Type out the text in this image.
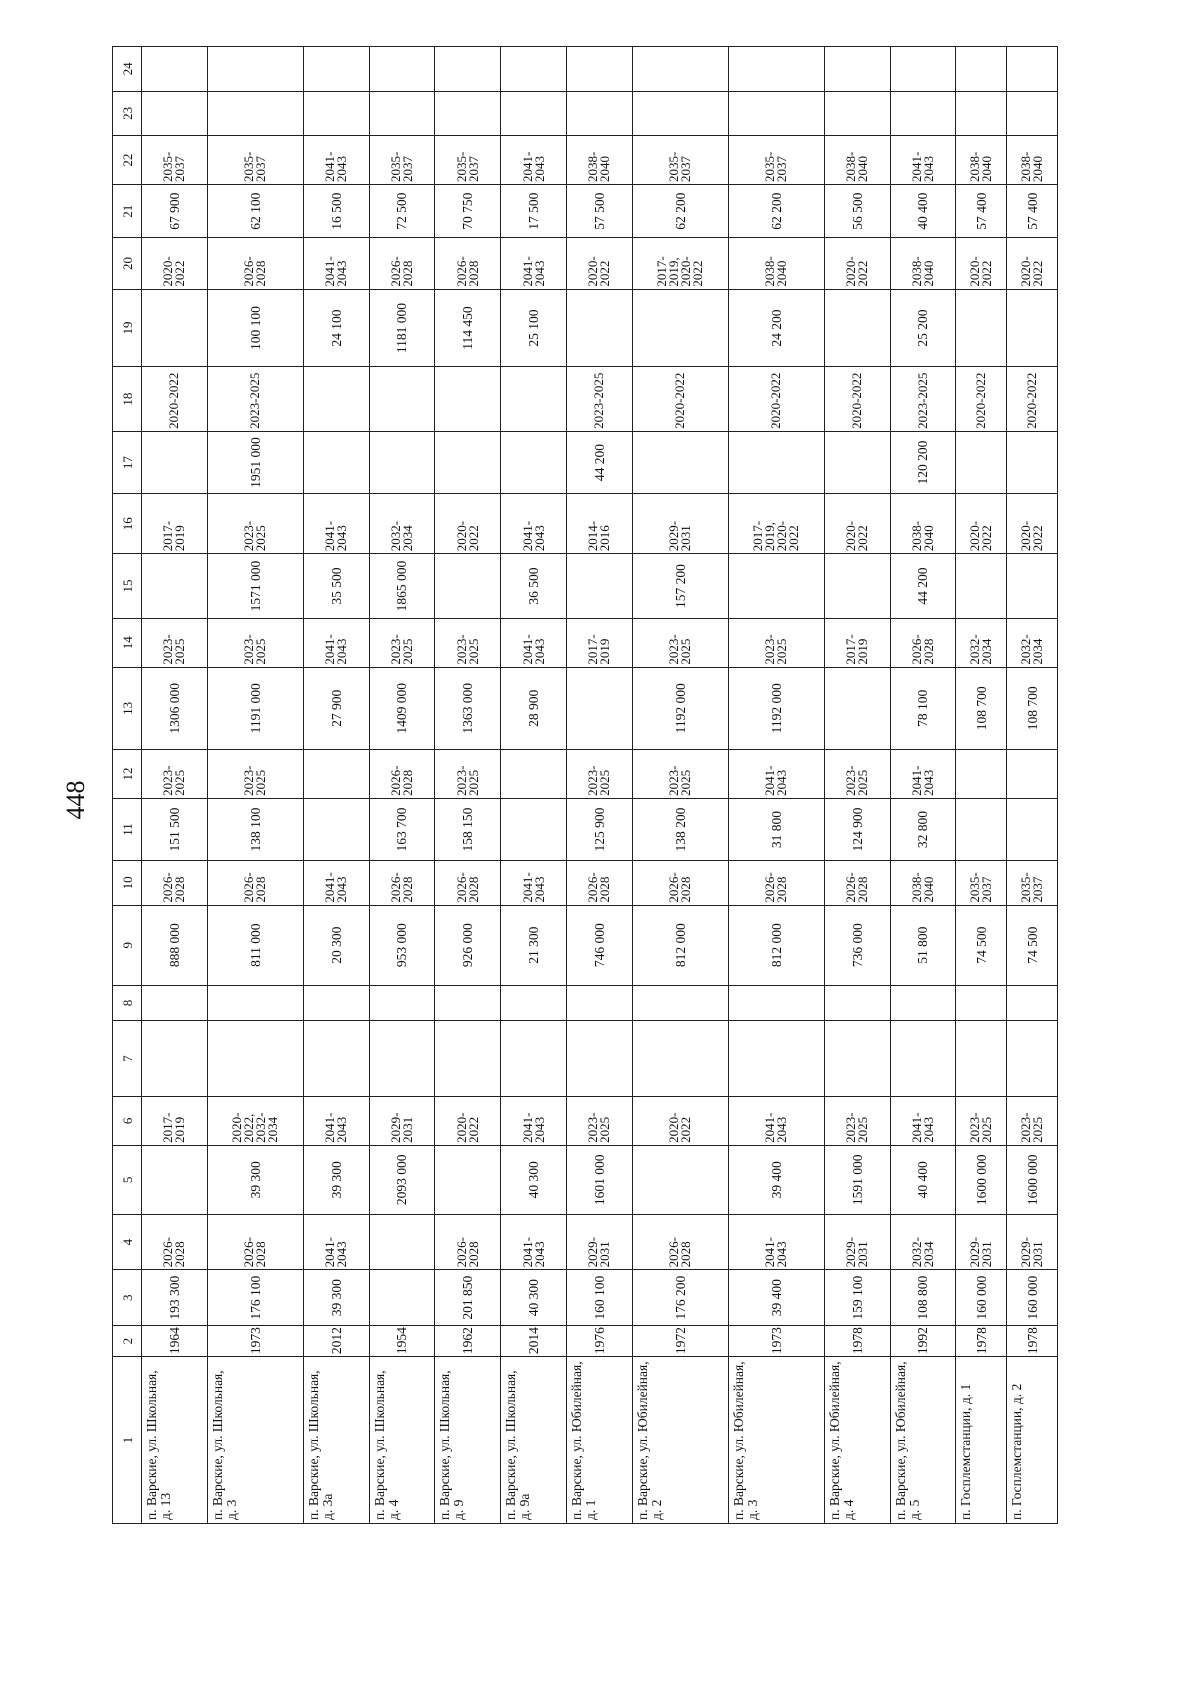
448
1	2	3	4	5	6	7	8	9	10	11	12	13	14	15	16	17	18	19	20	21	22	23	24
п. Варские, ул. Школьная, д. 13	1964	193 300	2026-2028		2017-2019			888 000	2026-2028	151 500	2023-2025	1306 000	2023-2025		2017-2019		2020-2022		2020-2022	67 900	2035-2037		
п. Варские, ул. Школьная, д. 3	1973	176 100	2026-2028	39 300	2020-2022, 2032-2034			811 000	2026-2028	138 100	2023-2025	1191 000	2023-2025	1571 000	2023-2025	1951 000	2023-2025	100 100	2026-2028	62 100	2035-2037		
п. Варские, ул. Школьная, д. 3а	2012	39 300	2041-2043	39 300	2041-2043			20 300	2041-2043			27 900	2041-2043	35 500	2041-2043			24 100	2041-2043	16 500	2041-2043		
п. Варские, ул. Школьная, д. 4	1954			2093 000	2029-2031			953 000	2026-2028	163 700	2026-2028	1409 000	2023-2025	1865 000	2032-2034			1181 000	2026-2028	72 500	2035-2037		
п. Варские, ул. Школьная, д. 9	1962	201 850	2026-2028		2020-2022			926 000	2026-2028	158 150	2023-2025	1363 000	2023-2025		2020-2022			114 450	2026-2028	70 750	2035-2037		
п. Варские, ул. Школьная, д. 9а	2014	40 300	2041-2043	40 300	2041-2043			21 300	2041-2043			28 900	2041-2043	36 500	2041-2043			25 100	2041-2043	17 500	2041-2043		
п. Варские, ул. Юбилейная, д. 1	1976	160 100	2029-2031	1601 000	2023-2025			746 000	2026-2028	125 900	2023-2025		2017-2019		2014-2016	44 200	2023-2025		2020-2022	57 500	2038-2040		
п. Варские, ул. Юбилейная, д. 2	1972	176 200	2026-2028		2020-2022			812 000	2026-2028	138 200	2023-2025	1192 000	2023-2025	157 200	2029-2031		2020-2022		2017-2019, 2020-2022	62 200	2035-2037		
п. Варские, ул. Юбилейная, д. 3	1973	39 400	2041-2043	39 400	2041-2043			812 000	2026-2028	31 800	2041-2043	1192 000	2023-2025		2017-2019, 2020-2022		2020-2022	24 200	2038-2040	62 200	2035-2037		
п. Варские, ул. Юбилейная, д. 4	1978	159 100	2029-2031	1591 000	2023-2025			736 000	2026-2028	124 900	2023-2025		2017-2019		2020-2022		2020-2022		2020-2022	56 500	2038-2040		
п. Варские, ул. Юбилейная, д. 5	1992	108 800	2032-2034	40 400	2041-2043			51 800	2038-2040	32 800	2041-2043	78 100	2026-2028	44 200	2038-2040	120 200	2023-2025	25 200	2038-2040	40 400	2041-2043		
п. Госплемстанции, д. 1	1978	160 000	2029-2031	1600 000	2023-2025			74 500	2035-2037			108 700	2032-2034		2020-2022		2020-2022		2020-2022	57 400	2038-2040		
п. Госплемстанции, д. 2	1978	160 000	2029-2031	1600 000	2023-2025			74 500	2035-2037			108 700	2032-2034		2020-2022		2020-2022		2020-2022	57 400	2038-2040		
